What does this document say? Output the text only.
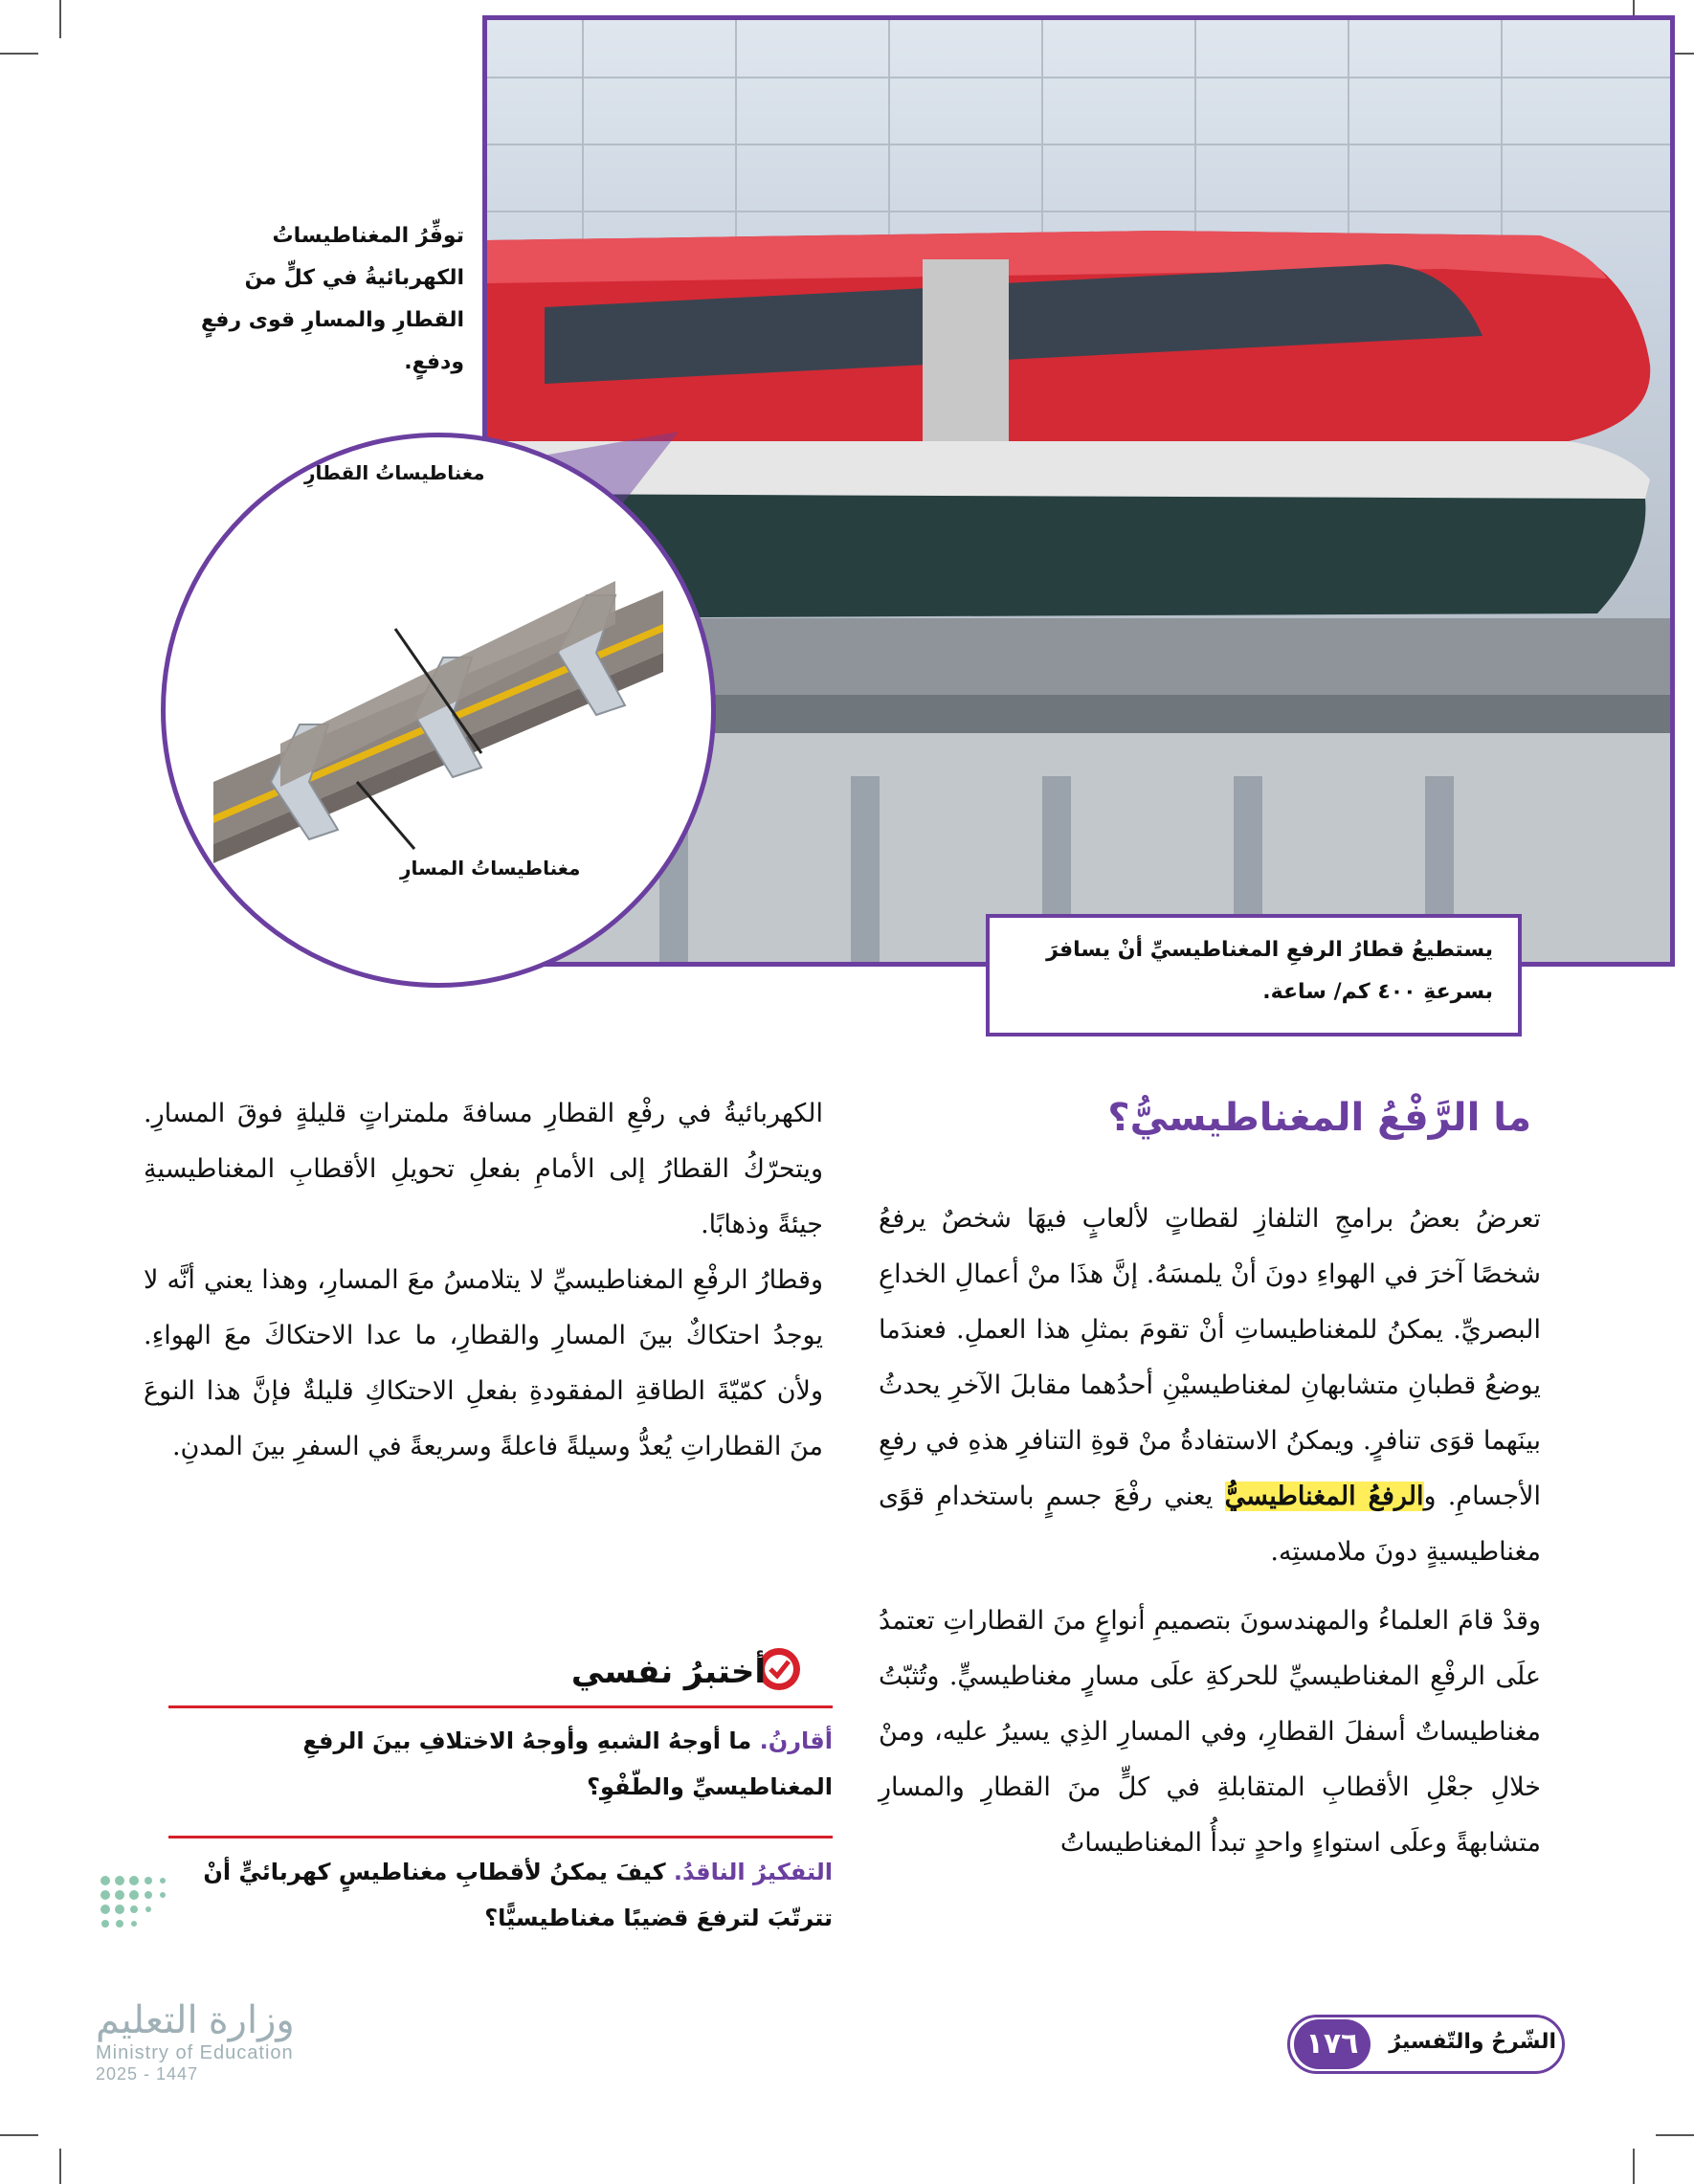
توفِّرُ المغناطيساتُ الكهربائيةُ في كلٍّ منَ القطارِ والمسارِ قوى رفعٍ ودفعٍ.
مغناطيساتُ القطارِ
مغناطيساتُ المسارِ
يستطيعُ قطارُ الرفعِ المغناطيسيِّ أنْ يسافرَ بسرعةِ ٤٠٠ كم/ ساعة.
ما الرَّفْعُ المغناطيسيُّ؟

تعرضُ بعضُ برامجِ التلفازِ لقطاتٍ لألعابٍ فيهَا شخصٌ يرفعُ شخصًا آخرَ في الهواءِ دونَ أنْ يلمسَهُ. إنَّ هذَا منْ أعمالِ الخداعِ البصريِّ. يمكنُ للمغناطيساتِ أنْ تقومَ بمثلِ هذا العملِ. فعندَما يوضعُ قطبانِ متشابهانِ لمغناطيسيْنِ أحدُهما مقابلَ الآخرِ يحدثُ بينَهما قوَى تنافرٍ. ويمكنُ الاستفادةُ منْ قوةِ التنافرِ هذهِ في رفعِ الأجسامِ. والرفعُ المغناطيسيُّ يعني رفْعَ جسمٍ باستخدامِ قوًى مغناطيسيةٍ دونَ ملامستِه.

وقدْ قامَ العلماءُ والمهندسونَ بتصميمِ أنواعٍ منَ القطاراتِ تعتمدُ علَى الرفْعِ المغناطيسيِّ للحركةِ علَى مسارٍ مغناطيسيٍّ. وتُثبّتُ مغناطيساتٌ أسفلَ القطارِ، وفي المسارِ الذِي يسيرُ عليه، ومنْ خلالِ جعْلِ الأقطابِ المتقابلةِ في كلٍّ منَ القطارِ والمسارِ متشابهةً وعلَى استواءٍ واحدٍ تبدأُ المغناطيساتُ

الكهربائيةُ في رفْعِ القطارِ مسافةَ ملمتراتٍ قليلةٍ فوقَ المسارِ. ويتحرّكُ القطارُ إلى الأمامِ بفعلِ تحويلِ الأقطابِ المغناطيسيةِ جيئةً وذهابًا.

وقطارُ الرفْعِ المغناطيسيِّ لا يتلامسُ معَ المسارِ، وهذا يعني أنَّه لا يوجدُ احتكاكٌ بينَ المسارِ والقطارِ، ما عدا الاحتكاكَ معَ الهواءِ. ولأن كمّيّةَ الطاقةِ المفقودةِ بفعلِ الاحتكاكِ قليلةٌ فإنَّ هذا النوعَ منَ القطاراتِ يُعدُّ وسيلةً فاعلةً وسريعةً في السفرِ بينَ المدنِ.

أختبرُ نفسي
أقارنُ. ما أوجهُ الشبهِ وأوجهُ الاختلافِ بينَ الرفعِ المغناطيسيِّ والطّفْوِ؟
التفكيرُ الناقدُ. كيفَ يمكنُ لأقطابِ مغناطيسٍ كهربائيٍّ أنْ تترتّبَ لترفعَ قضيبًا مغناطيسيًّا؟
وزارة التعليم
Ministry of Education
2025 - 1447
الشّرحُ والتّفسيرُ
١٧٦
